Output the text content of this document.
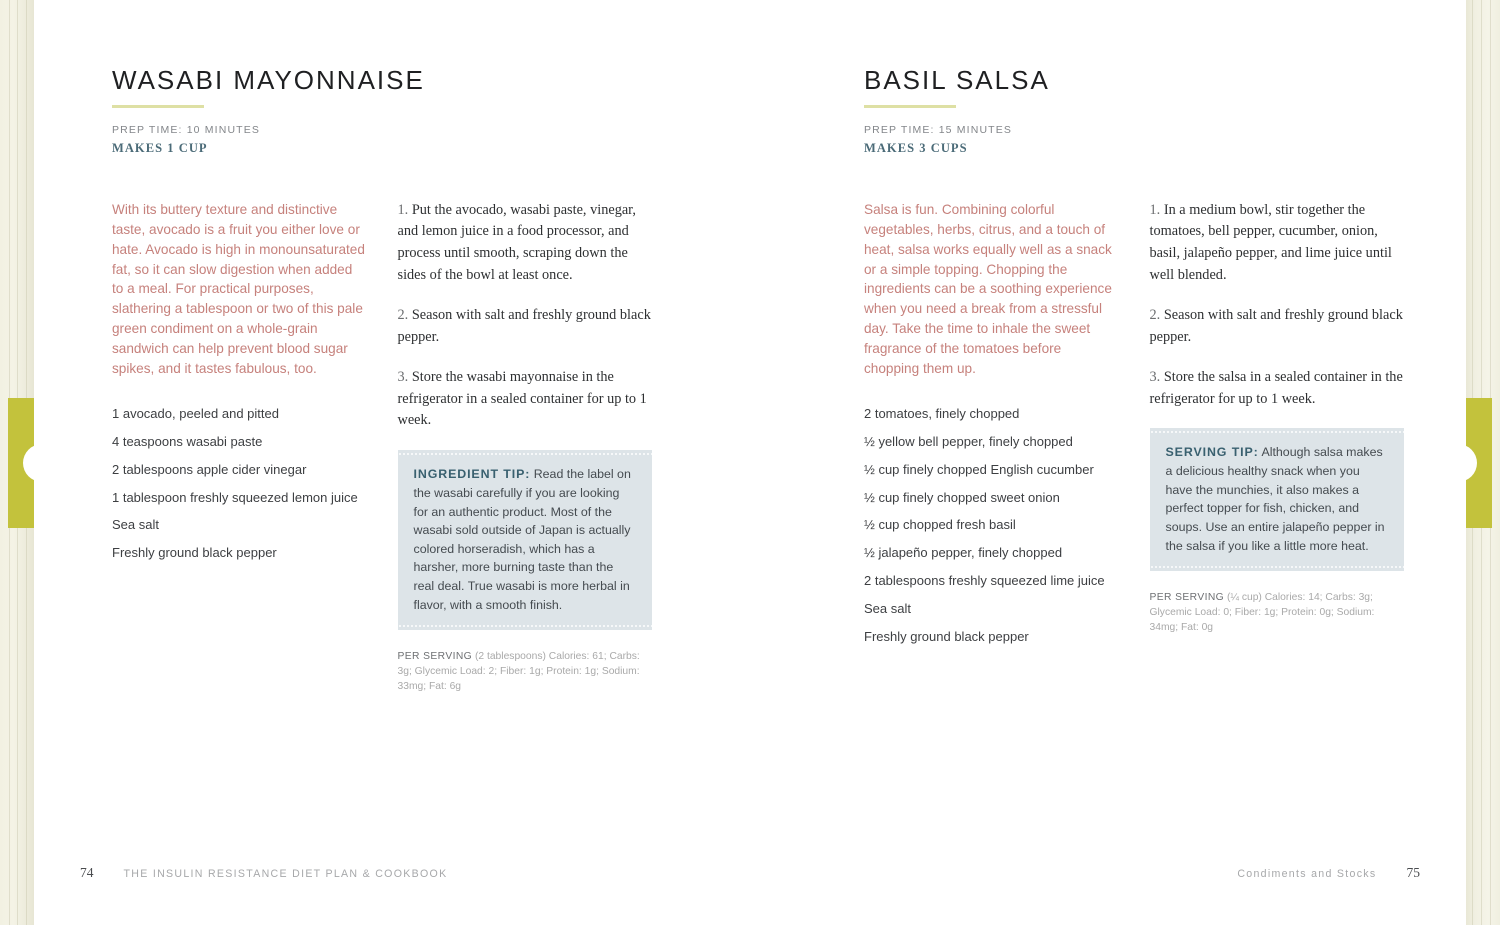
WASABI MAYONNAISE

PREP TIME: 10 MINUTES

MAKES 1 CUP

With its buttery texture and distinctive taste, avocado is a fruit you either love or hate. Avocado is high in monounsaturated fat, so it can slow digestion when added to a meal. For practical purposes, slathering a tablespoon or two of this pale green condiment on a whole-grain sandwich can help prevent blood sugar spikes, and it tastes fabulous, too.

1 avocado, peeled and pitted
4 teaspoons wasabi paste
2 tablespoons apple cider vinegar
1 tablespoon freshly squeezed lemon juice
Sea salt
Freshly ground black pepper
1. Put the avocado, wasabi paste, vinegar, and lemon juice in a food processor, and process until smooth, scraping down the sides of the bowl at least once.
2. Season with salt and freshly ground black pepper.
3. Store the wasabi mayonnaise in the refrigerator in a sealed container for up to 1 week.

INGREDIENT TIP: Read the label on the wasabi carefully if you are looking for an authentic product. Most of the wasabi sold outside of Japan is actually colored horseradish, which has a harsher, more burning taste than the real deal. True wasabi is more herbal in flavor, with a smooth finish.

PER SERVING (2 tablespoons) Calories: 61; Carbs: 3g; Glycemic Load: 2; Fiber: 1g; Protein: 1g; Sodium: 33mg; Fat: 6g

74	THE INSULIN RESISTANCE DIET PLAN & COOKBOOK
BASIL SALSA

PREP TIME: 15 MINUTES

MAKES 3 CUPS

Salsa is fun. Combining colorful vegetables, herbs, citrus, and a touch of heat, salsa works equally well as a snack or a simple topping. Chopping the ingredients can be a soothing experience when you need a break from a stressful day. Take the time to inhale the sweet fragrance of the tomatoes before chopping them up.

2 tomatoes, finely chopped
½ yellow bell pepper, finely chopped
½ cup finely chopped English cucumber
½ cup finely chopped sweet onion
½ cup chopped fresh basil
½ jalapeño pepper, finely chopped
2 tablespoons freshly squeezed lime juice
Sea salt
Freshly ground black pepper
1. In a medium bowl, stir together the tomatoes, bell pepper, cucumber, onion, basil, jalapeño pepper, and lime juice until well blended.
2. Season with salt and freshly ground black pepper.
3. Store the salsa in a sealed container in the refrigerator for up to 1 week.

SERVING TIP: Although salsa makes a delicious healthy snack when you have the munchies, it also makes a perfect topper for fish, chicken, and soups. Use an entire jalapeño pepper in the salsa if you like a little more heat.

PER SERVING (¼ cup) Calories: 14; Carbs: 3g; Glycemic Load: 0; Fiber: 1g; Protein: 0g; Sodium: 34mg; Fat: 0g

Condiments and Stocks 75
